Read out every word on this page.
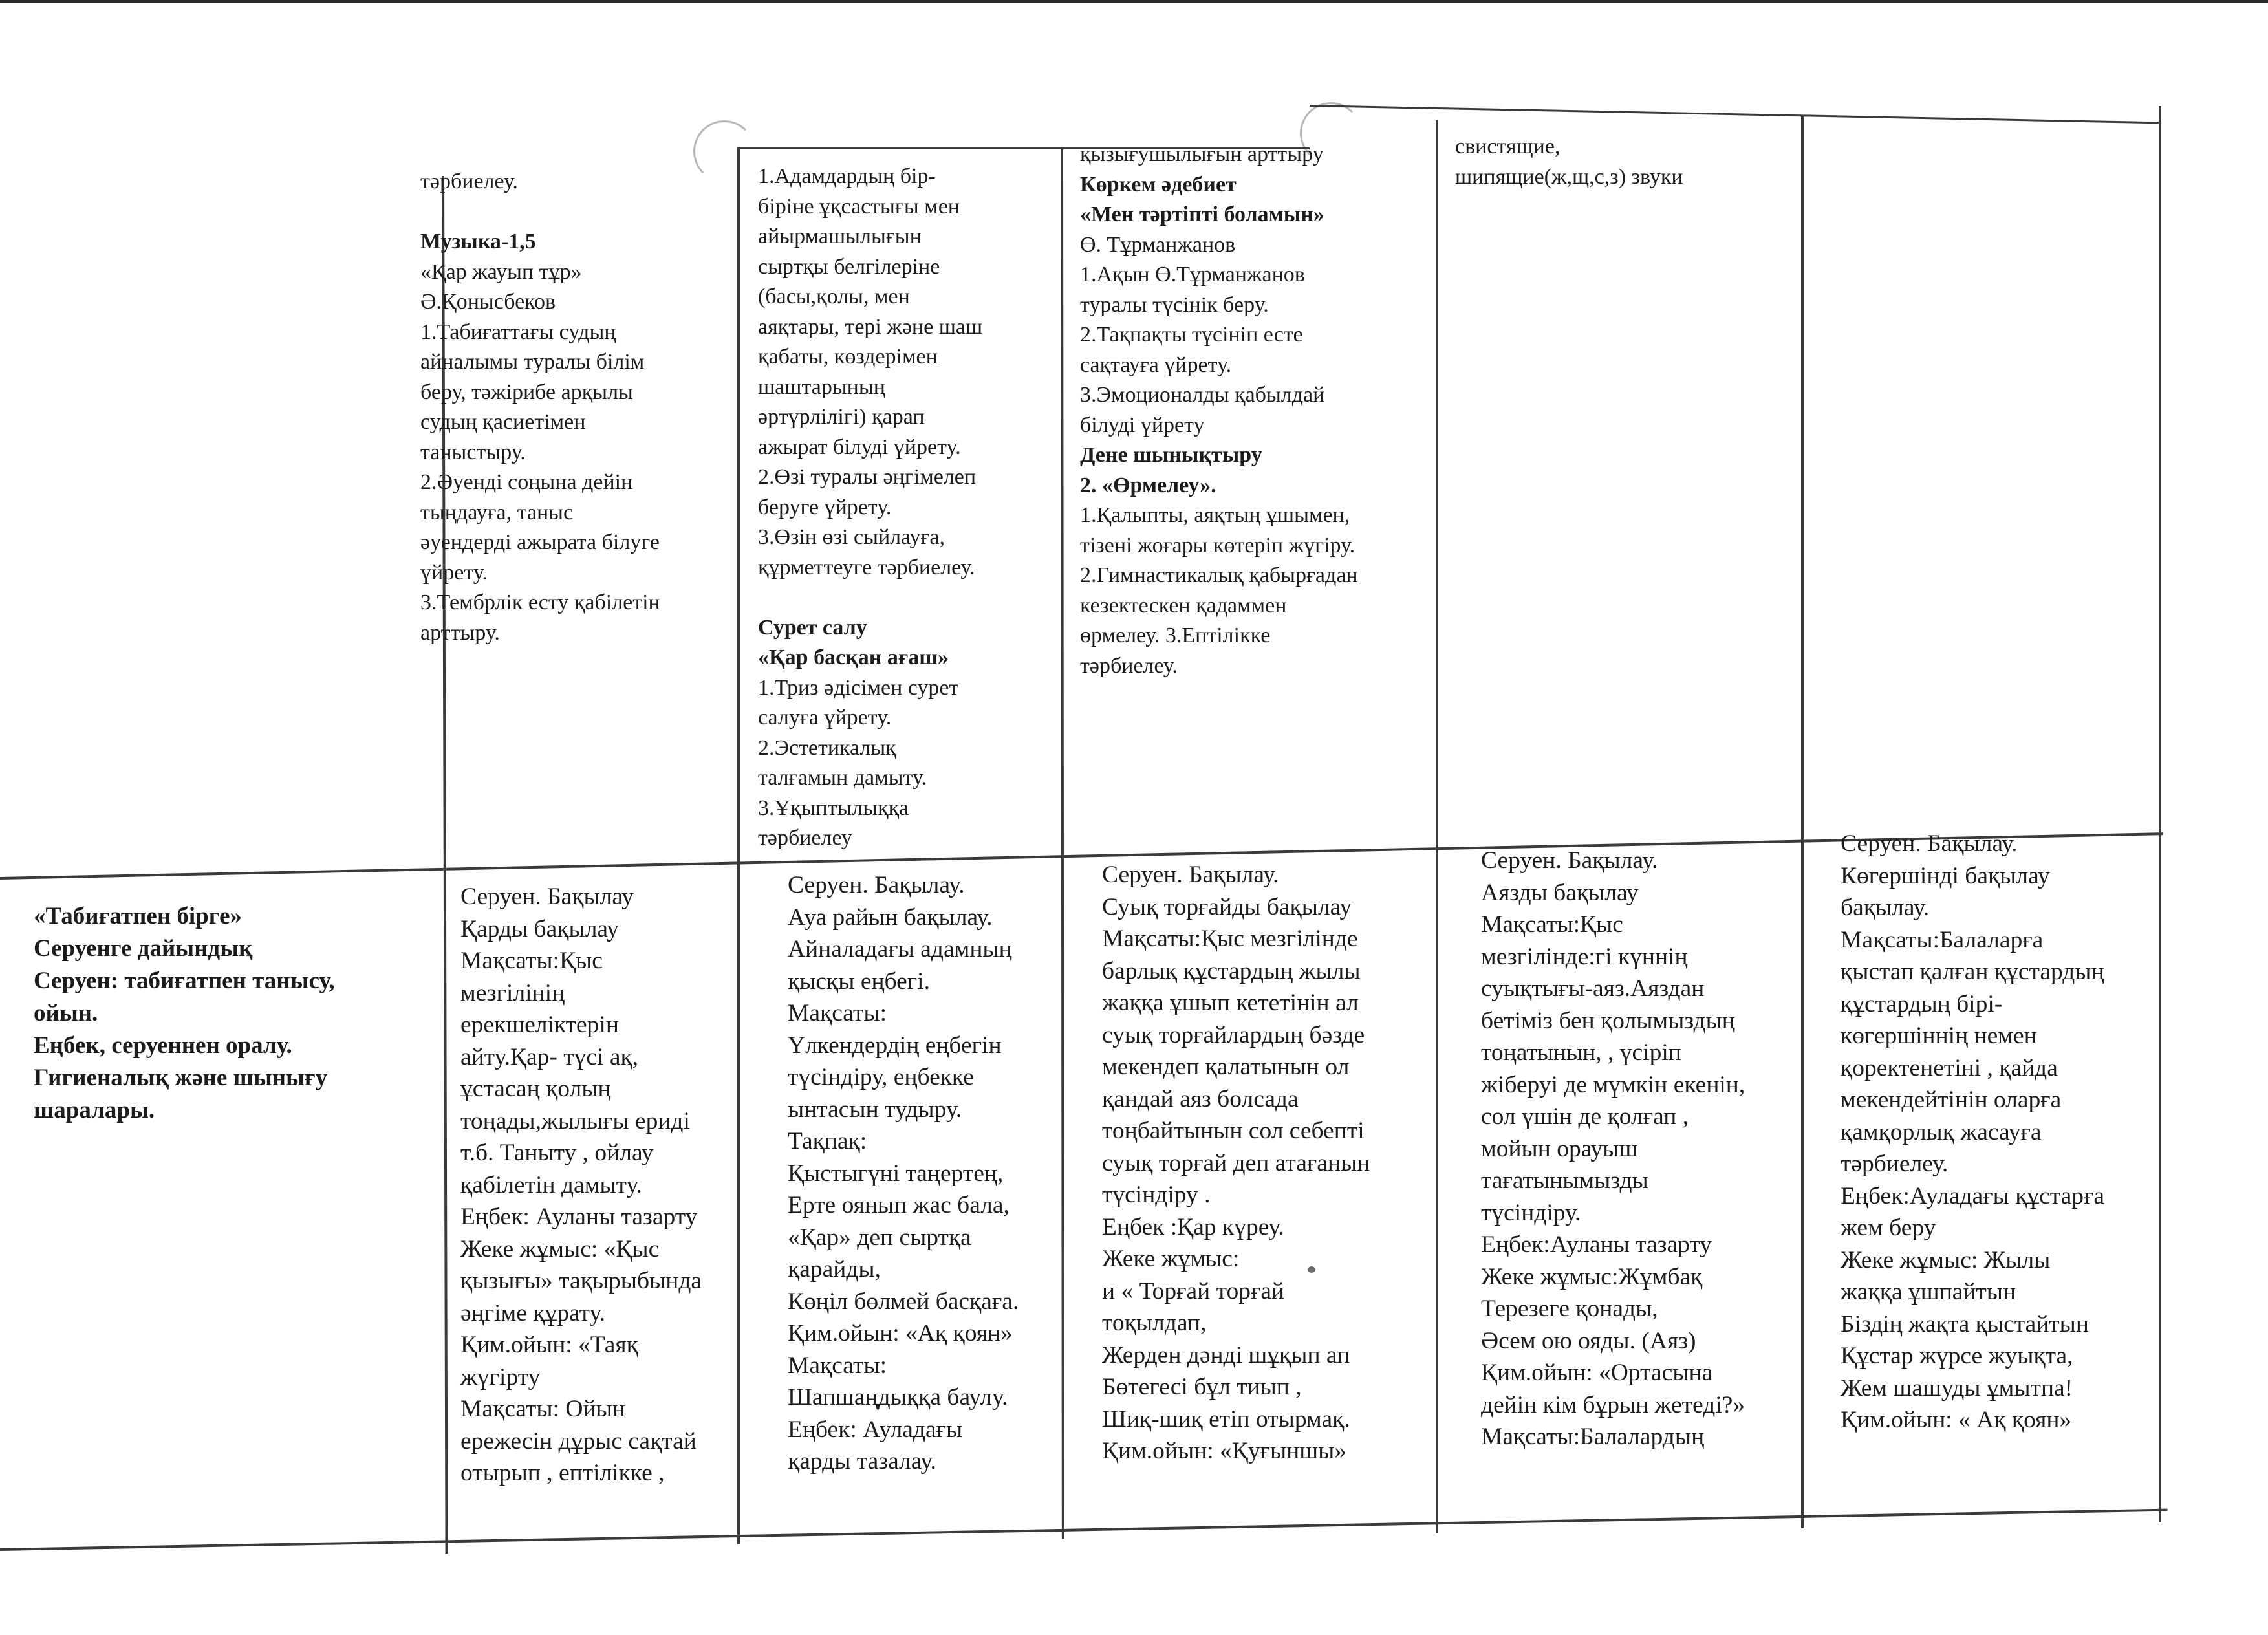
тәрбиелеу.

Музыка-1,5
«Қар жауып тұр»
Ә.Қонысбеков
1.Табиғаттағы судың
айналымы туралы білім
беру, тәжірибе арқылы
судың қасиетімен
таныстыру.
2.Әуенді соңына дейін
тыңдауға, таныс
әуендерді ажырата білуге
үйрету.
3.Тембрлік есту қабілетін
арттыру.
1.Адамдардың бір-
біріне ұқсастығы мен
айырмашылығын
сыртқы белгілеріне
(басы,қолы, мен
аяқтары, тері және шаш
қабаты, көздерімен
шаштарының
әртүрлілігі) қарап
ажырат білуді үйрету.
2.Өзі туралы әңгімелеп
беруге үйрету.
3.Өзін өзі сыйлауға,
құрметтеуге тәрбиелеу.

Сурет салу
«Қар басқан ағаш»
1.Триз әдісімен сурет
салуға үйрету.
2.Эстетикалық
талғамын дамыту.
3.Ұқыптылыққа
тәрбиелеу
қызығушылығын арттыру
Көркем әдебиет
«Мен тәртіпті боламын»
Ө. Тұрманжанов
1.Ақын Ө.Тұрманжанов
туралы түсінік беру.
2.Тақпақты түсініп есте
сақтауға үйрету.
3.Эмоционалды қабылдай
білуді үйрету
Дене шынықтыру
2. «Өрмелеу».
1.Қалыпты, аяқтың ұшымен,
тізені жоғары көтеріп жүгіру.
2.Гимнастикалық қабырғадан
кезектескен қадаммен
өрмелеу. 3.Ептілікке
тәрбиелеу.
свистящие,
шипящие(ж,щ,с,з) звуки
«Табиғатпен бірге»
Серуенге дайындық
Серуен: табиғатпен танысу,
ойын.
Еңбек, серуеннен оралу.
Гигиеналық және шынығу
шаралары.
Серуен. Бақылау
Қарды бақылау
Мақсаты:Қыс
мезгілінің
ерекшеліктерін
айту.Қар- түсі ақ,
ұстасаң қолың
тоңады,жылығы ериді
т.б. Таныту , ойлау
қабілетін дамыту.
Еңбек: Ауланы тазарту
Жеке жұмыс: «Қыс
қызығы» тақырыбында
әңгіме құрату.
Қим.ойын: «Таяқ
жүгірту
Мақсаты: Ойын
ережесін дұрыс сақтай
отырып , ептілікке ,
Серуен. Бақылау.
Ауа райын бақылау.
Айналадағы адамның
қысқы еңбегі.
Мақсаты:
Үлкендердің еңбегін
түсіндіру, еңбекке
ынтасын тудыру.
Тақпақ:
Қыстыгүні таңертең,
Ерте оянып жас бала,
«Қар» деп сыртқа
қарайды,
Көңіл бөлмей басқаға.
Қим.ойын: «Ақ қоян»
Мақсаты:
Шапшаңдыққа баулу.
Еңбек: Ауладағы
қарды тазалау.
Серуен. Бақылау.
Суық торғайды бақылау
Мақсаты:Қыс мезгілінде
барлық құстардың жылы
жаққа ұшып кететінін ал
суық торғайлардың бәзде
мекендеп қалатынын ол
қандай аяз болсада
тоңбайтынын сол себепті
суық торғай деп атағанын
түсіндіру .
Еңбек :Қар күреу.
Жеке жұмыс:
и « Торғай торғай
тоқылдап,
Жерден дәнді шұқып ап
Бөтегесі бұл тиып ,
Шиқ-шиқ етіп отырмақ.
Қим.ойын: «Қуғыншы»
Серуен. Бақылау.
Аязды бақылау
Мақсаты:Қыс
мезгілінде:гі күннің
суықтығы-аяз.Аяздан
бетіміз бен қолымыздың
тоңатынын, , үсіріп
жіберуі де мүмкін екенін,
сол үшін де қолғап ,
мойын орауыш
тағатынымызды
түсіндіру.
Еңбек:Ауланы тазарту
Жеке жұмыс:Жұмбақ
Терезеге қонады,
Әсем ою ояды. (Аяз)
Қим.ойын: «Ортасына
дейін кім бұрын жетеді?»
Мақсаты:Балалардың
Серуен. Бақылау.
Көгершінді бақылау
бақылау.
Мақсаты:Балаларға
қыстап қалған құстардың
құстардың бірі-
көгершіннің немен
қоректенетіні , қайда
мекендейтінін оларға
қамқорлық жасауға
тәрбиелеу.
Еңбек:Ауладағы құстарға
жем беру
Жеке жұмыс: Жылы
жаққа ұшпайтын
Біздің жақта қыстайтын
Құстар жүрсе жуықта,
Жем шашуды ұмытпа!
Қим.ойын: « Ақ қоян»
